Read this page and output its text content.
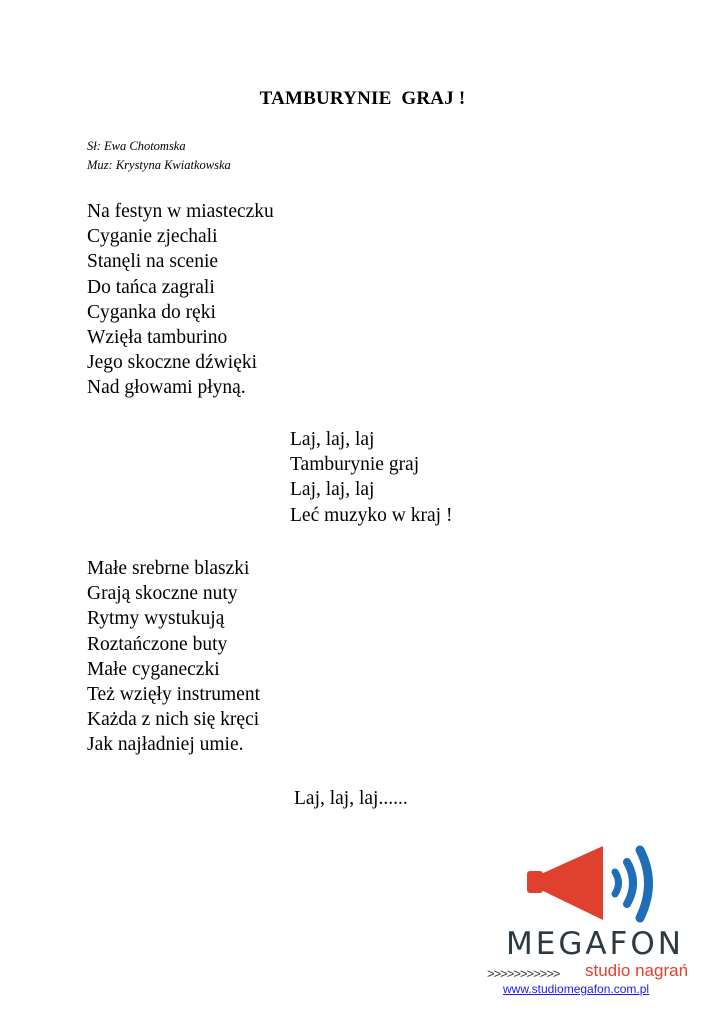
TAMBURYNIE  GRAJ !
Sł: Ewa Chotomska
Muz: Krystyna Kwiatkowska
Na festyn w miasteczku
Cyganie zjechali
Stanęli na scenie
Do tańca zagrali
Cyganka do ręki
Wzięła tamburino
Jego skoczne dźwięki
Nad głowami płyną.
Laj, laj, laj
Tamburynie graj
Laj, laj, laj
Leć muzyko w kraj !
Małe srebrne blaszki
Grają skoczne nuty
Rytmy wystukują
Roztańczone buty
Małe cyganeczki
Też wzięły instrument
Każda z nich się kręci
Jak najładniej umie.
Laj, laj, laj......
MEGAFON
>>>>>>>>>>> studio nagrań
www.studiomegafon.com.pl
